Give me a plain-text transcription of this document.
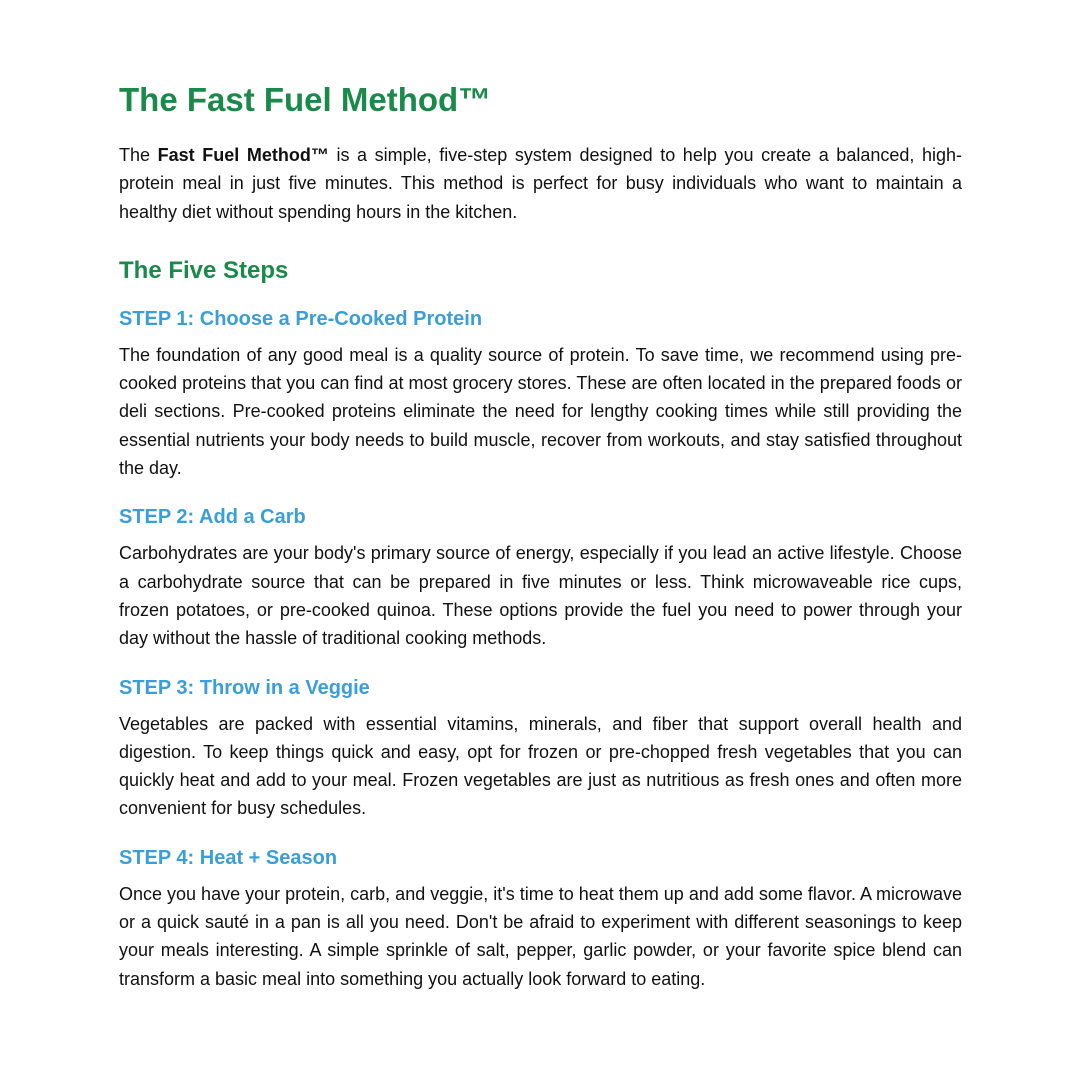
The Fast Fuel Method™

The Fast Fuel Method™ is a simple, five-step system designed to help you create a balanced, high-protein meal in just five minutes. This method is perfect for busy individuals who want to maintain a healthy diet without spending hours in the kitchen.

The Five Steps
STEP 1: Choose a Pre-Cooked Protein

The foundation of any good meal is a quality source of protein. To save time, we recommend using pre-cooked proteins that you can find at most grocery stores. These are often located in the prepared foods or deli sections. Pre-cooked proteins eliminate the need for lengthy cooking times while still providing the essential nutrients your body needs to build muscle, recover from workouts, and stay satisfied throughout the day.

STEP 2: Add a Carb

Carbohydrates are your body's primary source of energy, especially if you lead an active lifestyle. Choose a carbohydrate source that can be prepared in five minutes or less. Think microwaveable rice cups, frozen potatoes, or pre-cooked quinoa. These options provide the fuel you need to power through your day without the hassle of traditional cooking methods.

STEP 3: Throw in a Veggie

Vegetables are packed with essential vitamins, minerals, and fiber that support overall health and digestion. To keep things quick and easy, opt for frozen or pre-chopped fresh vegetables that you can quickly heat and add to your meal. Frozen vegetables are just as nutritious as fresh ones and often more convenient for busy schedules.

STEP 4: Heat + Season

Once you have your protein, carb, and veggie, it's time to heat them up and add some flavor. A microwave or a quick sauté in a pan is all you need. Don't be afraid to experiment with different seasonings to keep your meals interesting. A simple sprinkle of salt, pepper, garlic powder, or your favorite spice blend can transform a basic meal into something you actually look forward to eating.
